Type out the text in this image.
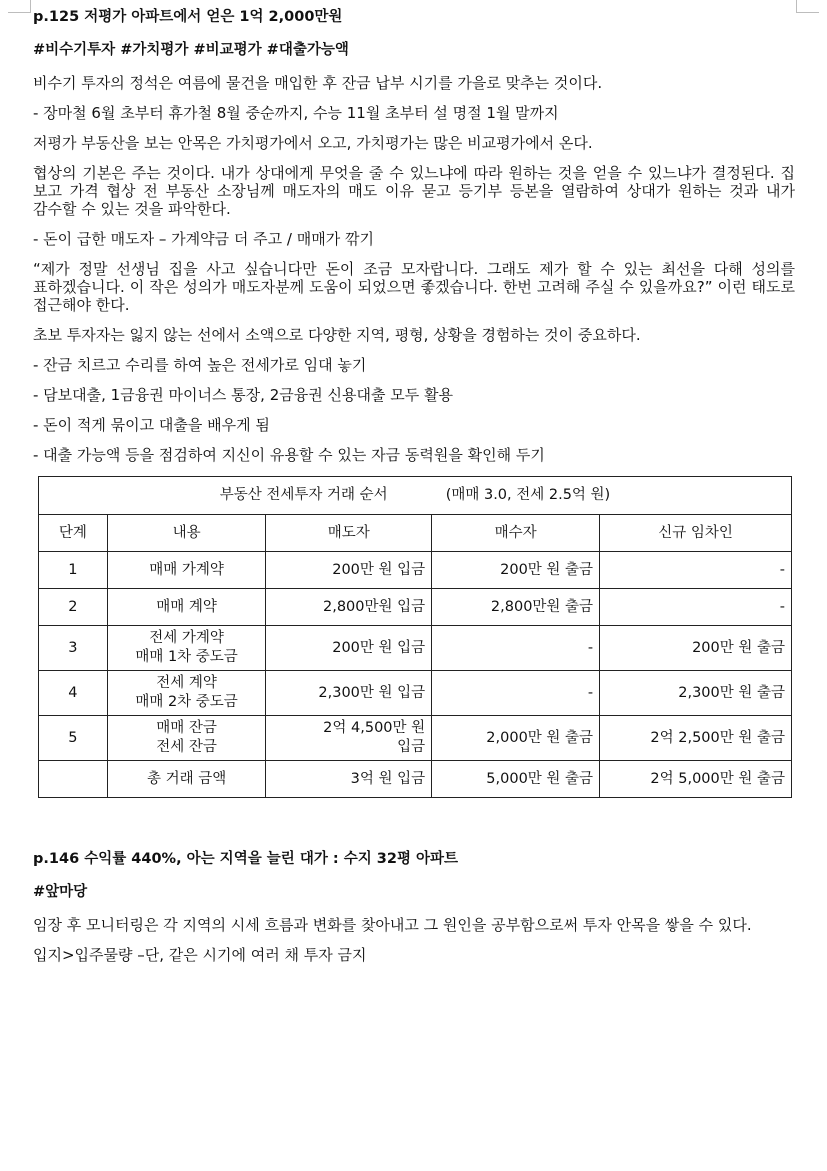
p.125 저평가 아파트에서 얻은 1억 2,000만원

#비수기투자 #가치평가 #비교평가 #대출가능액

비수기 투자의 정석은 여름에 물건을 매입한 후 잔금 납부 시기를 가을로 맞추는 것이다.

- 장마철 6월 초부터 휴가철 8월 중순까지, 수능 11월 초부터 설 명절 1월 말까지

저평가 부동산을 보는 안목은 가치평가에서 오고, 가치평가는 많은 비교평가에서 온다.

협상의 기본은 주는 것이다. 내가 상대에게 무엇을 줄 수 있느냐에 따라 원하는 것을 얻을 수 있느냐가 결정된다. 집 보고 가격 협상 전 부동산 소장님께 매도자의 매도 이유 묻고 등기부 등본을 열람하여 상대가 원하는 것과 내가 감수할 수 있는 것을 파악한다.

- 돈이 급한 매도자 – 가계약금 더 주고 / 매매가 깎기

“제가 정말 선생님 집을 사고 싶습니다만 돈이 조금 모자랍니다. 그래도 제가 할 수 있는 최선을 다해 성의를 표하겠습니다. 이 작은 성의가 매도자분께 도움이 되었으면 좋겠습니다. 한번 고려해 주실 수 있을까요?” 이런 태도로 접근해야 한다.

초보 투자자는 잃지 않는 선에서 소액으로 다양한 지역, 평형, 상황을 경험하는 것이 중요하다.

- 잔금 치르고 수리를 하여 높은 전세가로 임대 놓기

- 담보대출, 1금융권 마이너스 통장, 2금융권 신용대출 모두 활용

- 돈이 적게 묶이고 대출을 배우게 됨

- 대출 가능액 등을 점검하여 지신이 유용할 수 있는 자금 동력원을 확인해 두기

부동산 전세투자 거래 순서 (매매 3.0, 전세 2.5억 원)				
단계	내용	매도자	매수자	신규 임차인
1	매매 가계약	200만 원 입금	200만 원 출금	-
2	매매 계약	2,800만원 입금	2,800만원 출금	-
3	전세 가계약
매매 1차 중도금	200만 원 입금	-	200만 원 출금
4	전세 계약
매매 2차 중도금	2,300만 원 입금	-	2,300만 원 출금
5	매매 잔금
전세 잔금	2억 4,500만 원
입금	2,000만 원 출금	2억 2,500만 원 출금
	총 거래 금액	3억 원 입금	5,000만 원 출금	2억 5,000만 원 출금

p.146 수익률 440%, 아는 지역을 늘린 대가 : 수지 32평 아파트

#앞마당

임장 후 모니터링은 각 지역의 시세 흐름과 변화를 찾아내고 그 원인을 공부함으로써 투자 안목을 쌓을 수 있다.

입지>입주물량 –단, 같은 시기에 여러 채 투자 금지
